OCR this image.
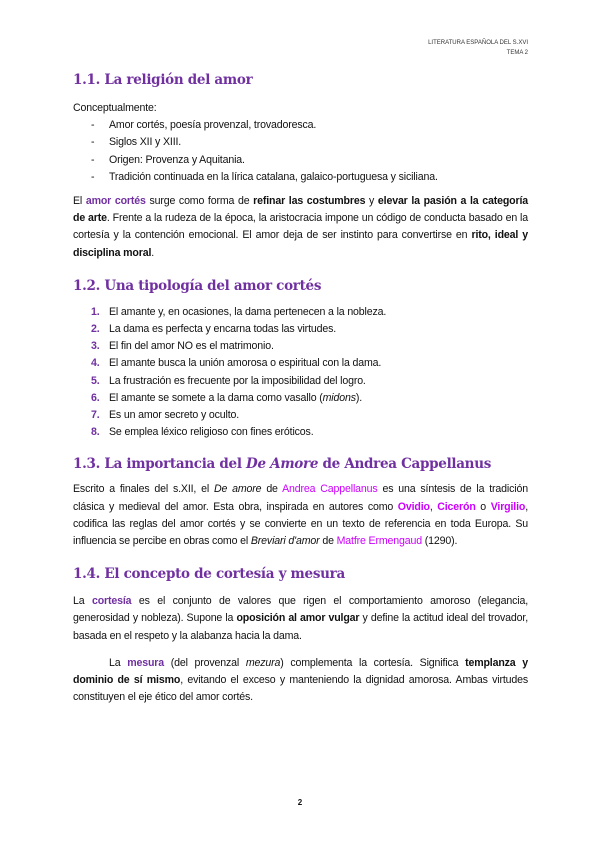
LITERATURA ESPAÑOLA DEL S.XVI
TEMA 2
1.1. La religión del amor

Conceptualmente:

- Amor cortés, poesía provenzal, trovadoresca.
- Siglos XII y XIII.
- Origen: Provenza y Aquitania.
- Tradición continuada en la lírica catalana, galaico-portuguesa y siciliana.

El amor cortés surge como forma de refinar las costumbres y elevar la pasión a la categoría de arte. Frente a la rudeza de la época, la aristocracia impone un código de conducta basado en la cortesía y la contención emocional. El amor deja de ser instinto para convertirse en rito, ideal y disciplina moral.

1.2. Una tipología del amor cortés
1. El amante y, en ocasiones, la dama pertenecen a la nobleza.
2. La dama es perfecta y encarna todas las virtudes.
3. El fin del amor NO es el matrimonio.
4. El amante busca la unión amorosa o espiritual con la dama.
5. La frustración es frecuente por la imposibilidad del logro.
6. El amante se somete a la dama como vasallo (midons).
7. Es un amor secreto y oculto.
8. Se emplea léxico religioso con fines eróticos.
1.3. La importancia del De Amore de Andrea Cappellanus

Escrito a finales del s.XII, el De amore de Andrea Cappellanus es una síntesis de la tradición clásica y medieval del amor. Esta obra, inspirada en autores como Ovidio, Cicerón o Virgilio, codifica las reglas del amor cortés y se convierte en un texto de referencia en toda Europa. Su influencia se percibe en obras como el Breviari d'amor de Matfre Ermengaud (1290).

1.4. El concepto de cortesía y mesura

La cortesía es el conjunto de valores que rigen el comportamiento amoroso (elegancia, generosidad y nobleza). Supone la oposición al amor vulgar y define la actitud ideal del trovador, basada en el respeto y la alabanza hacia la dama.

La mesura (del provenzal mezura) complementa la cortesía. Significa templanza y dominio de sí mismo, evitando el exceso y manteniendo la dignidad amorosa. Ambas virtudes constituyen el eje ético del amor cortés.

2
